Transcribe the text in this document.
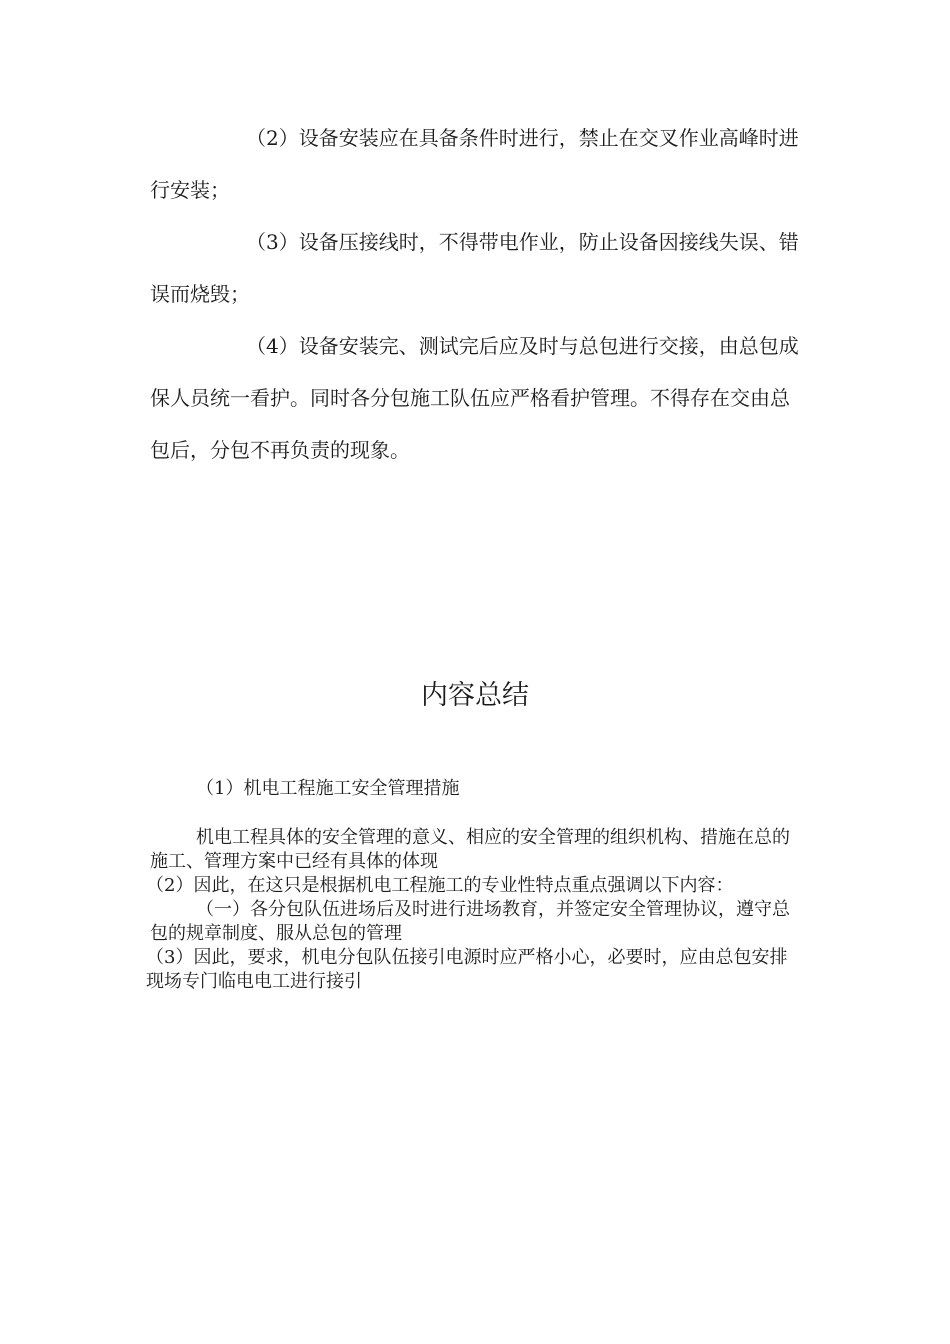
（2）设备安装应在具备条件时进行，禁止在交叉作业高峰时进行安装；

（3）设备压接线时，不得带电作业，防止设备因接线失误、错误而烧毁；

（4）设备安装完、测试完后应及时与总包进行交接，由总包成保人员统一看护。同时各分包施工队伍应严格看护管理。不得存在交由总包后，分包不再负责的现象。

内容总结

（1）机电工程施工安全管理措施

机电工程具体的安全管理的意义、相应的安全管理的组织机构、措施在总的施工、管理方案中已经有具体的体现

（2）因此，在这只是根据机电工程施工的专业性特点重点强调以下内容：

（一）各分包队伍进场后及时进行进场教育，并签定安全管理协议，遵守总包的规章制度、服从总包的管理

（3）因此，要求，机电分包队伍接引电源时应严格小心，必要时，应由总包安排现场专门临电电工进行接引
